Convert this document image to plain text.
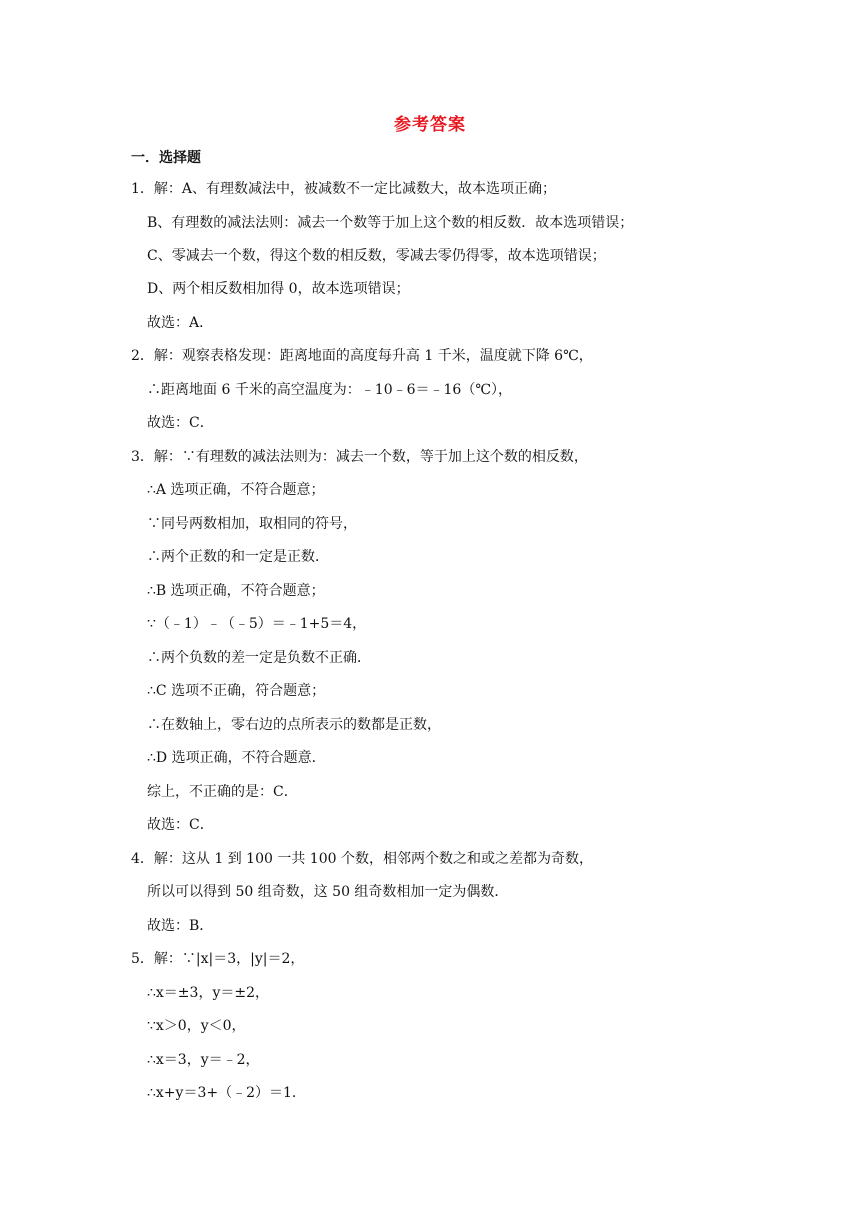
参考答案
一．选择题
1．解：A、有理数减法中，被减数不一定比减数大，故本选项正确；
B、有理数的减法法则：减去一个数等于加上这个数的相反数．故本选项错误；
C、零减去一个数，得这个数的相反数，零减去零仍得零，故本选项错误；
D、两个相反数相加得 0，故本选项错误；
故选：A．
2．解：观察表格发现：距离地面的高度每升高 1 千米，温度就下降 6℃，
∴距离地面 6 千米的高空温度为：﹣10﹣6＝﹣16（℃），
故选：C．
3．解：∵有理数的减法法则为：减去一个数，等于加上这个数的相反数，
∴A 选项正确，不符合题意；
∵同号两数相加，取相同的符号，
∴两个正数的和一定是正数．
∴B 选项正确，不符合题意；
∵（﹣1）﹣（﹣5）＝﹣1+5＝4，
∴两个负数的差一定是负数不正确．
∴C 选项不正确，符合题意；
∴在数轴上，零右边的点所表示的数都是正数，
∴D 选项正确，不符合题意．
综上，不正确的是：C．
故选：C．
4．解：这从 1 到 100 一共 100 个数，相邻两个数之和或之差都为奇数，
所以可以得到 50 组奇数，这 50 组奇数相加一定为偶数．
故选：B．
5．解：∵|x|＝3，|y|＝2，
∴x＝±3，y＝±2，
∵x＞0，y＜0，
∴x＝3，y＝﹣2，
∴x+y＝3+（﹣2）＝1．
